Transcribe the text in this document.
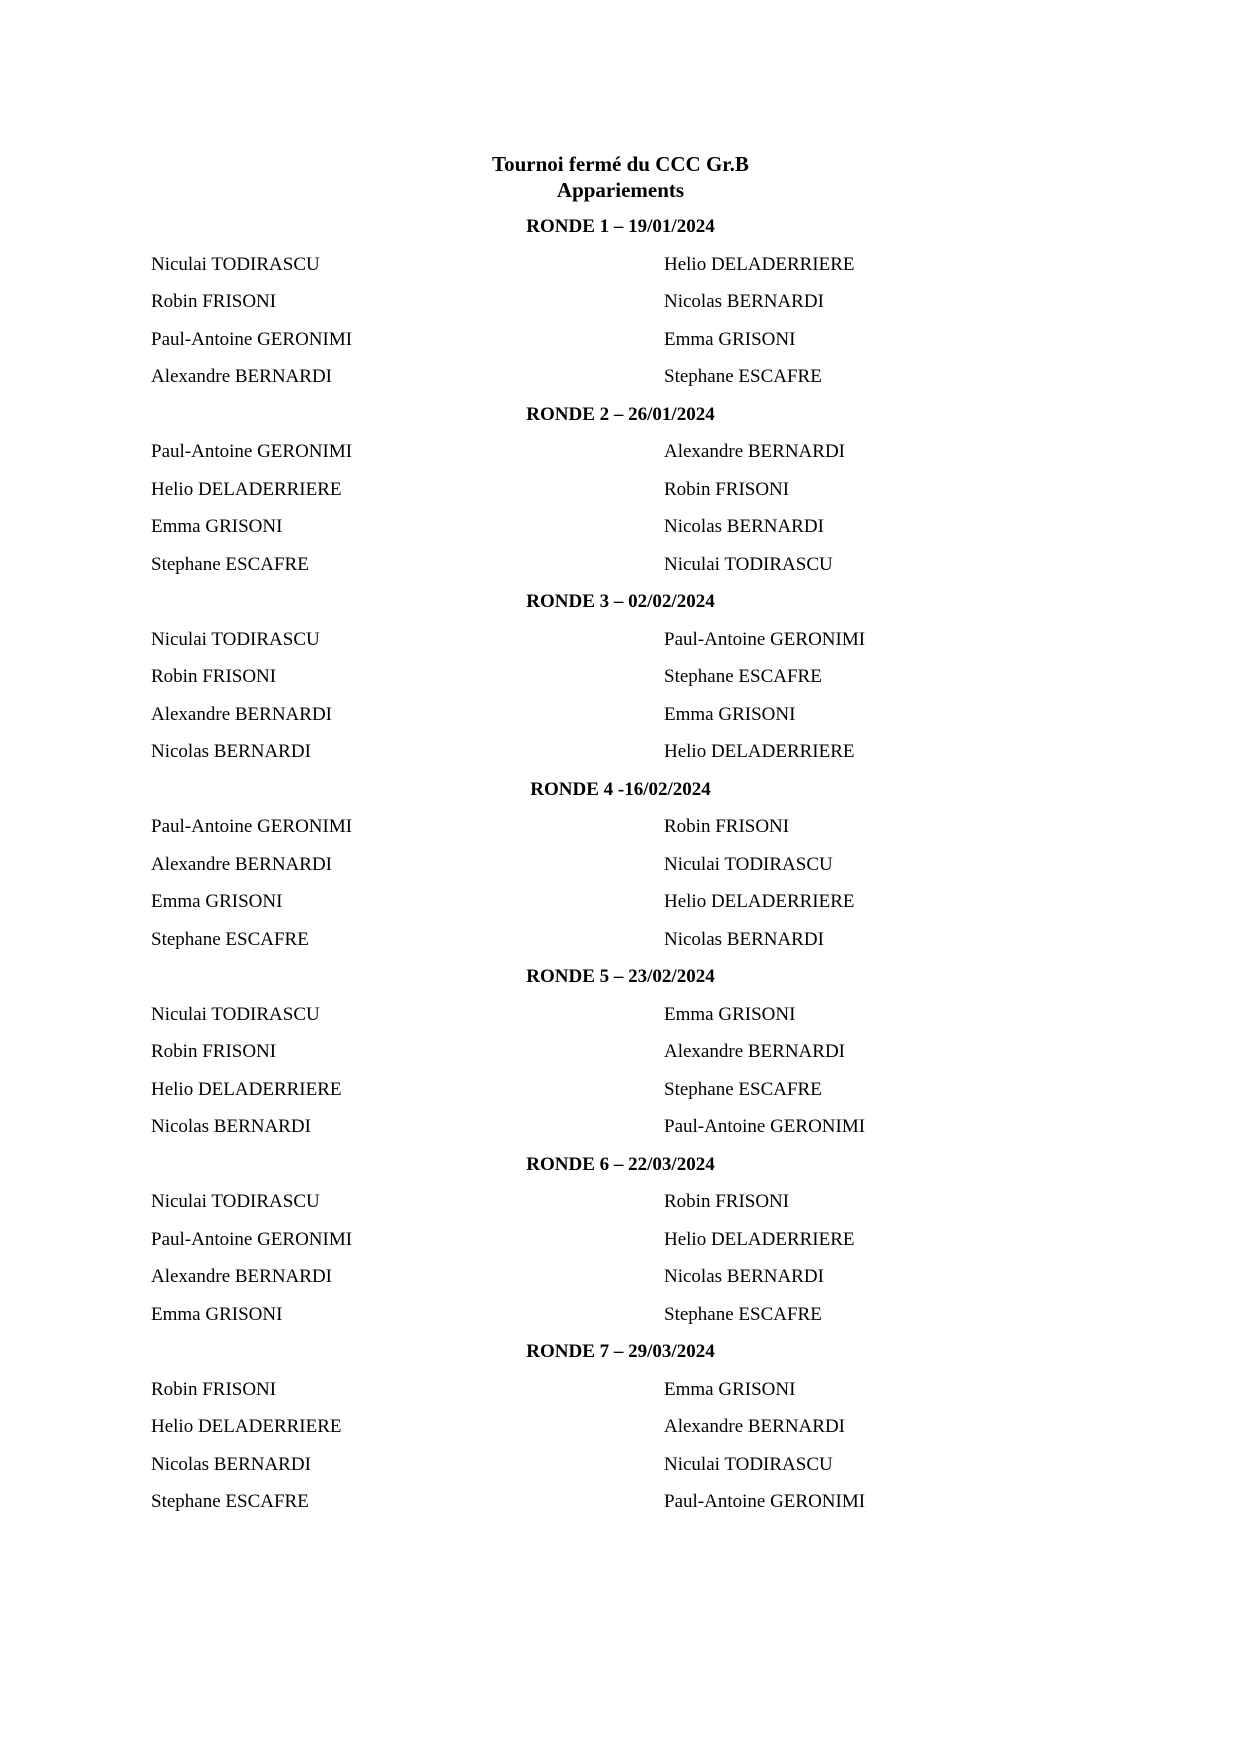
Tournoi fermé du CCC Gr.B
Appariements
RONDE 1 – 19/01/2024
Niculai TODIRASCU	Helio DELADERRIERE
Robin FRISONI	Nicolas BERNARDI
Paul-Antoine GERONIMI	Emma GRISONI
Alexandre BERNARDI	Stephane ESCAFRE
RONDE 2 – 26/01/2024
Paul-Antoine GERONIMI	Alexandre BERNARDI
Helio DELADERRIERE	Robin FRISONI
Emma GRISONI	Nicolas BERNARDI
Stephane ESCAFRE	Niculai TODIRASCU
RONDE 3 – 02/02/2024
Niculai TODIRASCU	Paul-Antoine GERONIMI
Robin FRISONI	Stephane ESCAFRE
Alexandre BERNARDI	Emma GRISONI
Nicolas BERNARDI	Helio DELADERRIERE
RONDE 4 -16/02/2024
Paul-Antoine GERONIMI	Robin FRISONI
Alexandre BERNARDI	Niculai TODIRASCU
Emma GRISONI	Helio DELADERRIERE
Stephane ESCAFRE	Nicolas BERNARDI
RONDE 5 – 23/02/2024
Niculai TODIRASCU	Emma GRISONI
Robin FRISONI	Alexandre BERNARDI
Helio DELADERRIERE	Stephane ESCAFRE
Nicolas BERNARDI	Paul-Antoine GERONIMI
RONDE 6 – 22/03/2024
Niculai TODIRASCU	Robin FRISONI
Paul-Antoine GERONIMI	Helio DELADERRIERE
Alexandre BERNARDI	Nicolas BERNARDI
Emma GRISONI	Stephane ESCAFRE
RONDE 7 – 29/03/2024
Robin FRISONI	Emma GRISONI
Helio DELADERRIERE	Alexandre BERNARDI
Nicolas BERNARDI	Niculai TODIRASCU
Stephane ESCAFRE	Paul-Antoine GERONIMI
